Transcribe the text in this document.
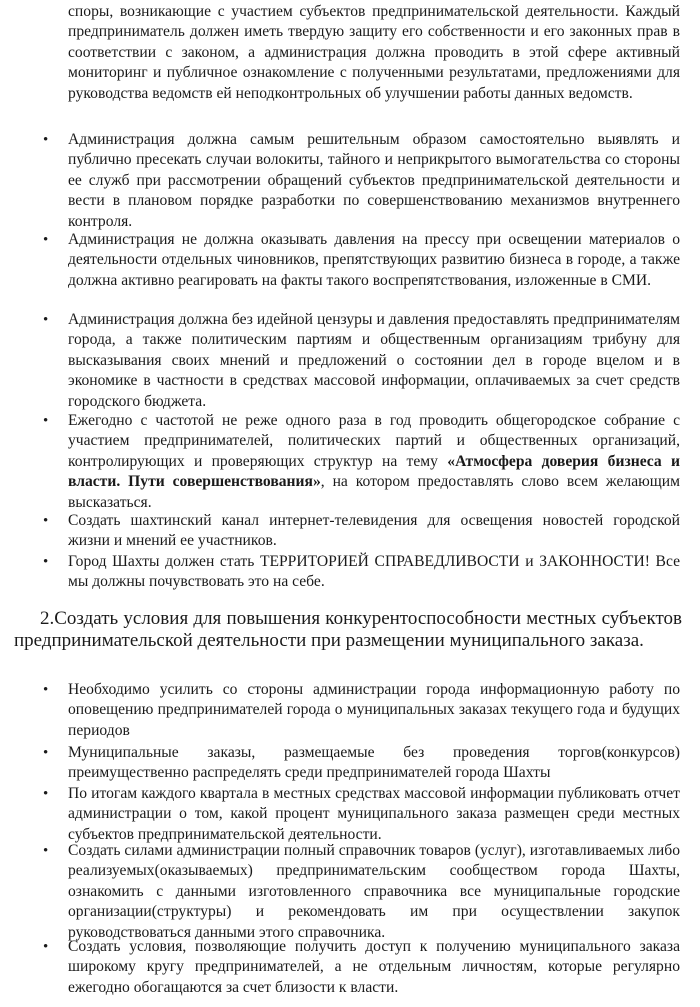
споры, возникающие с участием субъектов предпринимательской деятельности. Каждый предприниматель должен иметь твердую защиту его собственности и его законных прав в соответствии с законом, а администрация должна проводить в этой сфере активный мониторинг и публичное ознакомление с полученными результатами, предложениями для руководства ведомств ей неподконтрольных об улучшении работы данных ведомств.

•	Администрация должна самым решительным образом самостоятельно выявлять и публично пресекать случаи волокиты, тайного и неприкрытого вымогательства со стороны ее служб при рассмотрении обращений субъектов предпринимательской деятельности и вести в плановом порядке разработки по совершенствованию механизмов внутреннего контроля.
•	Администрация не должна оказывать давления на прессу при освещении материалов о деятельности отдельных чиновников, препятствующих развитию бизнеса в городе, а также должна активно реагировать на факты такого воспрепятствования, изложенные в СМИ.
•	Администрация должна без идейной цензуры и давления предоставлять предпринимателям города, а также политическим партиям и общественным организациям трибуну для высказывания своих мнений и предложений о состоянии дел в городе вцелом и в экономике в частности в средствах массовой информации, оплачиваемых за счет средств городского бюджета.
•	Ежегодно с частотой не реже одного раза в год проводить общегородское собрание с участием предпринимателей, политических партий и общественных организаций, контролирующих и проверяющих структур на тему «Атмосфера доверия бизнеса и власти. Пути совершенствования», на котором предоставлять слово всем желающим высказаться.
•	Создать шахтинский канал интернет-телевидения для освещения новостей городской жизни и мнений ее участников.
•	Город Шахты должен стать ТЕРРИТОРИЕЙ СПРАВЕДЛИВОСТИ и ЗАКОННОСТИ! Все мы должны почувствовать это на себе.

2.Создать условия для повышения конкурентоспособности местных субъектов предпринимательской деятельности при размещении муниципального заказа.

•	Необходимо усилить со стороны администрации города информационную работу по оповещению предпринимателей города о муниципальных заказах текущего года и будущих периодов
•	Муниципальные заказы, размещаемые без проведения торгов(конкурсов) преимущественно распределять среди предпринимателей города Шахты
•	По итогам каждого квартала в местных средствах массовой информации публиковать отчет администрации о том, какой процент муниципального заказа размещен среди местных субъектов предпринимательской деятельности.
•	Создать силами администрации полный справочник товаров (услуг), изготавливаемых либо реализуемых(оказываемых) предпринимательским сообществом города Шахты, ознакомить с данными изготовленного справочника все муниципальные городские организации(структуры) и рекомендовать им при осуществлении закупок руководствоваться данными этого справочника.
•	Создать условия, позволяющие получить доступ к получению муниципального заказа широкому кругу предпринимателей, а не отдельным личностям, которые регулярно ежегодно обогащаются за счет близости к власти.
